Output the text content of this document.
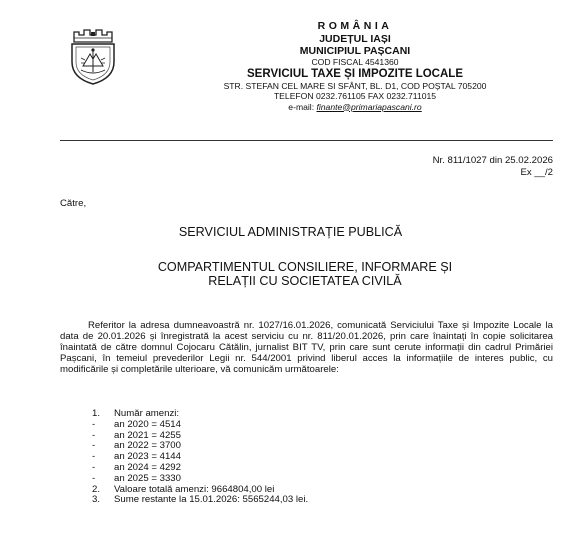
ROMÂNIA
JUDEȚUL IAȘI
MUNICIPIUL PAȘCANI
COD FISCAL 4541360
SERVICIUL TAXE ȘI IMPOZITE LOCALE
STR. STEFAN CEL MARE SI SFÂNT, BL. D1, COD POȘTAL 705200
TELEFON 0232.761105 FAX 0232.711015
e-mail: finante@primariapascani.ro
Nr. 811/1027 din 25.02.2026
Ex __/2
Către,
SERVICIUL ADMINISTRAȚIE PUBLICĂ
COMPARTIMENTUL CONSILIERE, INFORMARE ȘI RELAȚII CU SOCIETATEA CIVILĂ

Referitor la adresa dumneavoastră nr. 1027/16.01.2026, comunicată Serviciului Taxe și Impozite Locale la data de 20.01.2026 și înregistrată la acest serviciu cu nr. 811/20.01.2026, prin care înaintați în copie solicitarea înaintată de către domnul Cojocaru Cătălin, jurnalist BIT TV, prin care sunt cerute informații din cadrul Primăriei Pașcani, în temeiul prevederilor Legii nr. 544/2001 privind liberul acces la informațiile de interes public, cu modificările și completările ulterioare, vă comunicăm următoarele:

1. Număr amenzi:
- an 2020 = 4514
- an 2021 = 4255
- an 2022 = 3700
- an 2023 = 4144
- an 2024 = 4292
- an 2025 = 3330
2. Valoare totală amenzi: 9664804,00 lei
3. Sume restante la 15.01.2026: 5565244,03 lei.
